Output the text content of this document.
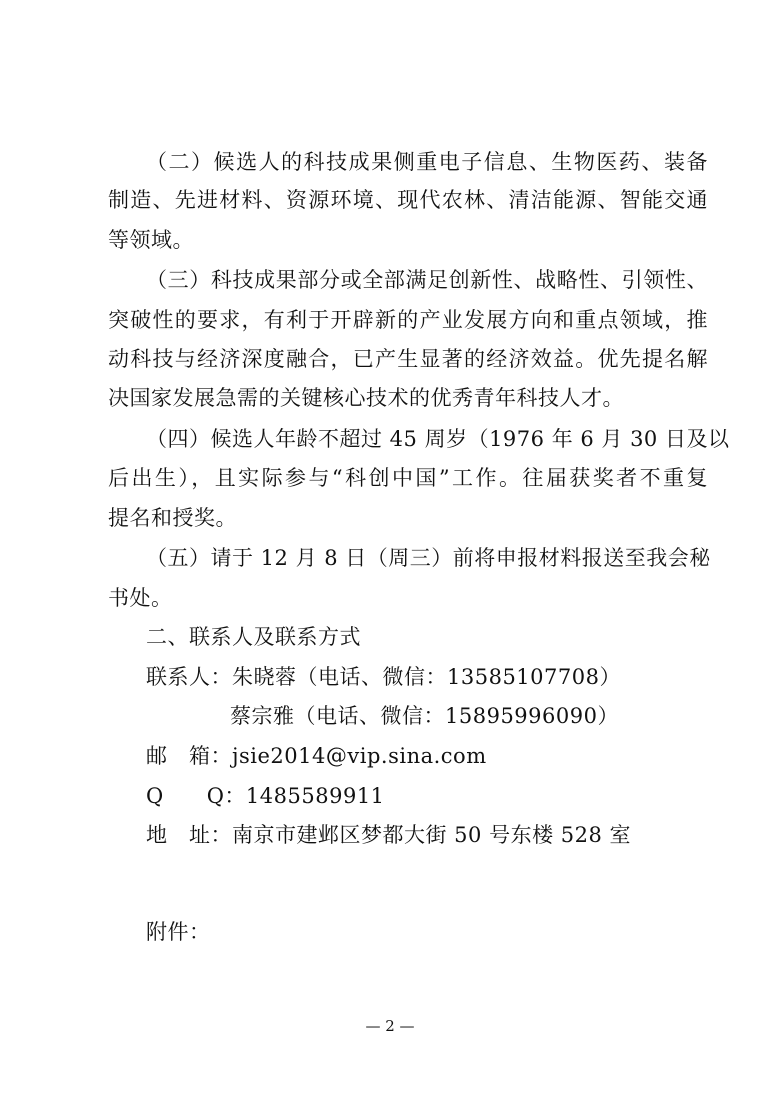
（二）候选人的科技成果侧重电子信息、生物医药、装备
制造、先进材料、资源环境、现代农林、清洁能源、智能交通
等领域。
（三）科技成果部分或全部满足创新性、战略性、引领性、
突破性的要求，有利于开辟新的产业发展方向和重点领域，推
动科技与经济深度融合，已产生显著的经济效益。优先提名解
决国家发展急需的关键核心技术的优秀青年科技人才。
（四）候选人年龄不超过 45 周岁（1976 年 6 月 30 日及以
后出生），且实际参与“科创中国”工作。往届获奖者不重复
提名和授奖。
（五）请于 12 月 8 日（周三）前将申报材料报送至我会秘
书处。
二、联系人及联系方式
联系人：朱晓蓉（电话、微信：13585107708）
蔡宗雅（电话、微信：15895996090）
邮　箱：jsie2014@vip.sina.com
Q　　Q：1485589911
地　址：南京市建邺区梦都大街 50 号东楼 528 室
附件：
— 2 —
